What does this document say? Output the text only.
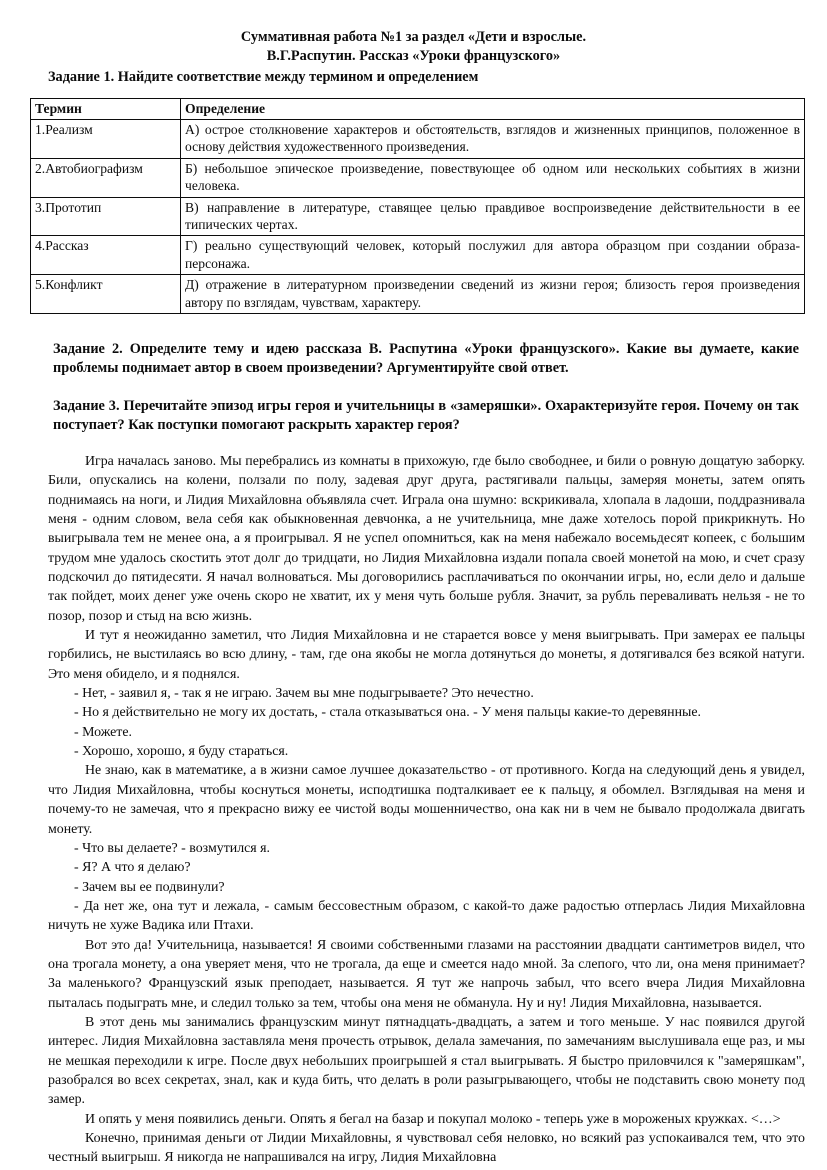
Суммативная работа №1 за раздел «Дети и взрослые.
В.Г.Распутин. Рассказ «Уроки французского»
Задание 1. Найдите соответствие между термином и определением
Термин	Определение
1.Реализм	А) острое столкновение характеров и обстоятельств, взглядов и жизненных принципов, положенное в основу действия художественного произведения.
2.Автобиографизм	Б) небольшое эпическое произведение, повествующее об одном или нескольких событиях в жизни человека.
3.Прототип	В) направление в литературе, ставящее целью правдивое воспроизведение действительности в ее типических чертах.
4.Рассказ	Г) реально существующий человек, который послужил для автора образцом при создании образа-персонажа.
5.Конфликт	Д) отражение в литературном произведении сведений из жизни героя; близость героя произведения автору по взглядам, чувствам, характеру.
Задание 2. Определите тему и идею рассказа В. Распутина «Уроки французского». Какие вы думаете, какие проблемы поднимает автор в своем произведении? Аргументируйте свой ответ.
Задание 3. Перечитайте эпизод игры героя и учительницы в «замеряшки». Охарактеризуйте героя. Почему он так поступает? Как поступки помогают раскрыть характер героя?

Игра началась заново. Мы перебрались из комнаты в прихожую, где было свободнее, и били о ровную дощатую заборку. Били, опускались на колени, ползали по полу, задевая друг друга, растягивали пальцы, замеряя монеты, затем опять поднимаясь на ноги, и Лидия Михайловна объявляла счет. Играла она шумно: вскрикивала, хлопала в ладоши, поддразнивала меня - одним словом, вела себя как обыкновенная девчонка, а не учительница, мне даже хотелось порой прикрикнуть. Но выигрывала тем не менее она, а я проигрывал. Я не успел опомниться, как на меня набежало восемьдесят копеек, с большим трудом мне удалось скостить этот долг до тридцати, но Лидия Михайловна издали попала своей монетой на мою, и счет сразу подскочил до пятидесяти. Я начал волноваться. Мы договорились расплачиваться по окончании игры, но, если дело и дальше так пойдет, моих денег уже очень скоро не хватит, их у меня чуть больше рубля. Значит, за рубль переваливать нельзя - не то позор, позор и стыд на всю жизнь.

И тут я неожиданно заметил, что Лидия Михайловна и не старается вовсе у меня выигрывать. При замерах ее пальцы горбились, не выстилаясь во всю длину, - там, где она якобы не могла дотянуться до монеты, я дотягивался без всякой натуги. Это меня обидело, и я поднялся.

- Нет, - заявил я, - так я не играю. Зачем вы мне подыгрываете? Это нечестно.

- Но я действительно не могу их достать, - стала отказываться она. - У меня пальцы какие-то деревянные.

- Можете.

- Хорошо, хорошо, я буду стараться.

Не знаю, как в математике, а в жизни самое лучшее доказательство - от противного. Когда на следующий день я увидел, что Лидия Михайловна, чтобы коснуться монеты, исподтишка подталкивает ее к пальцу, я обомлел. Взглядывая на меня и почему-то не замечая, что я прекрасно вижу ее чистой воды мошенничество, она как ни в чем не бывало продолжала двигать монету.

- Что вы делаете? - возмутился я.

- Я? А что я делаю?

- Зачем вы ее подвинули?

- Да нет же, она тут и лежала, - самым бессовестным образом, с какой-то даже радостью отперлась Лидия Михайловна ничуть не хуже Вадика или Птахи.

Вот это да! Учительница, называется! Я своими собственными глазами на расстоянии двадцати сантиметров видел, что она трогала монету, а она уверяет меня, что не трогала, да еще и смеется надо мной. За слепого, что ли, она меня принимает? За маленького? Французский язык преподает, называется. Я тут же напрочь забыл, что всего вчера Лидия Михайловна пыталась подыграть мне, и следил только за тем, чтобы она меня не обманула. Ну и ну! Лидия Михайловна, называется.

В этот день мы занимались французским минут пятнадцать-двадцать, а затем и того меньше. У нас появился другой интерес. Лидия Михайловна заставляла меня прочесть отрывок, делала замечания, по замечаниям выслушивала еще раз, и мы не мешкая переходили к игре. После двух небольших проигрышей я стал выигрывать. Я быстро приловчился к "замеряшкам", разобрался во всех секретах, знал, как и куда бить, что делать в роли разыгрывающего, чтобы не подставить свою монету под замер.

И опять у меня появились деньги. Опять я бегал на базар и покупал молоко - теперь уже в мороженых кружках. <…>

Конечно, принимая деньги от Лидии Михайловны, я чувствовал себя неловко, но всякий раз успокаивался тем, что это честный выигрыш. Я никогда не напрашивался на игру, Лидия Михайловна
